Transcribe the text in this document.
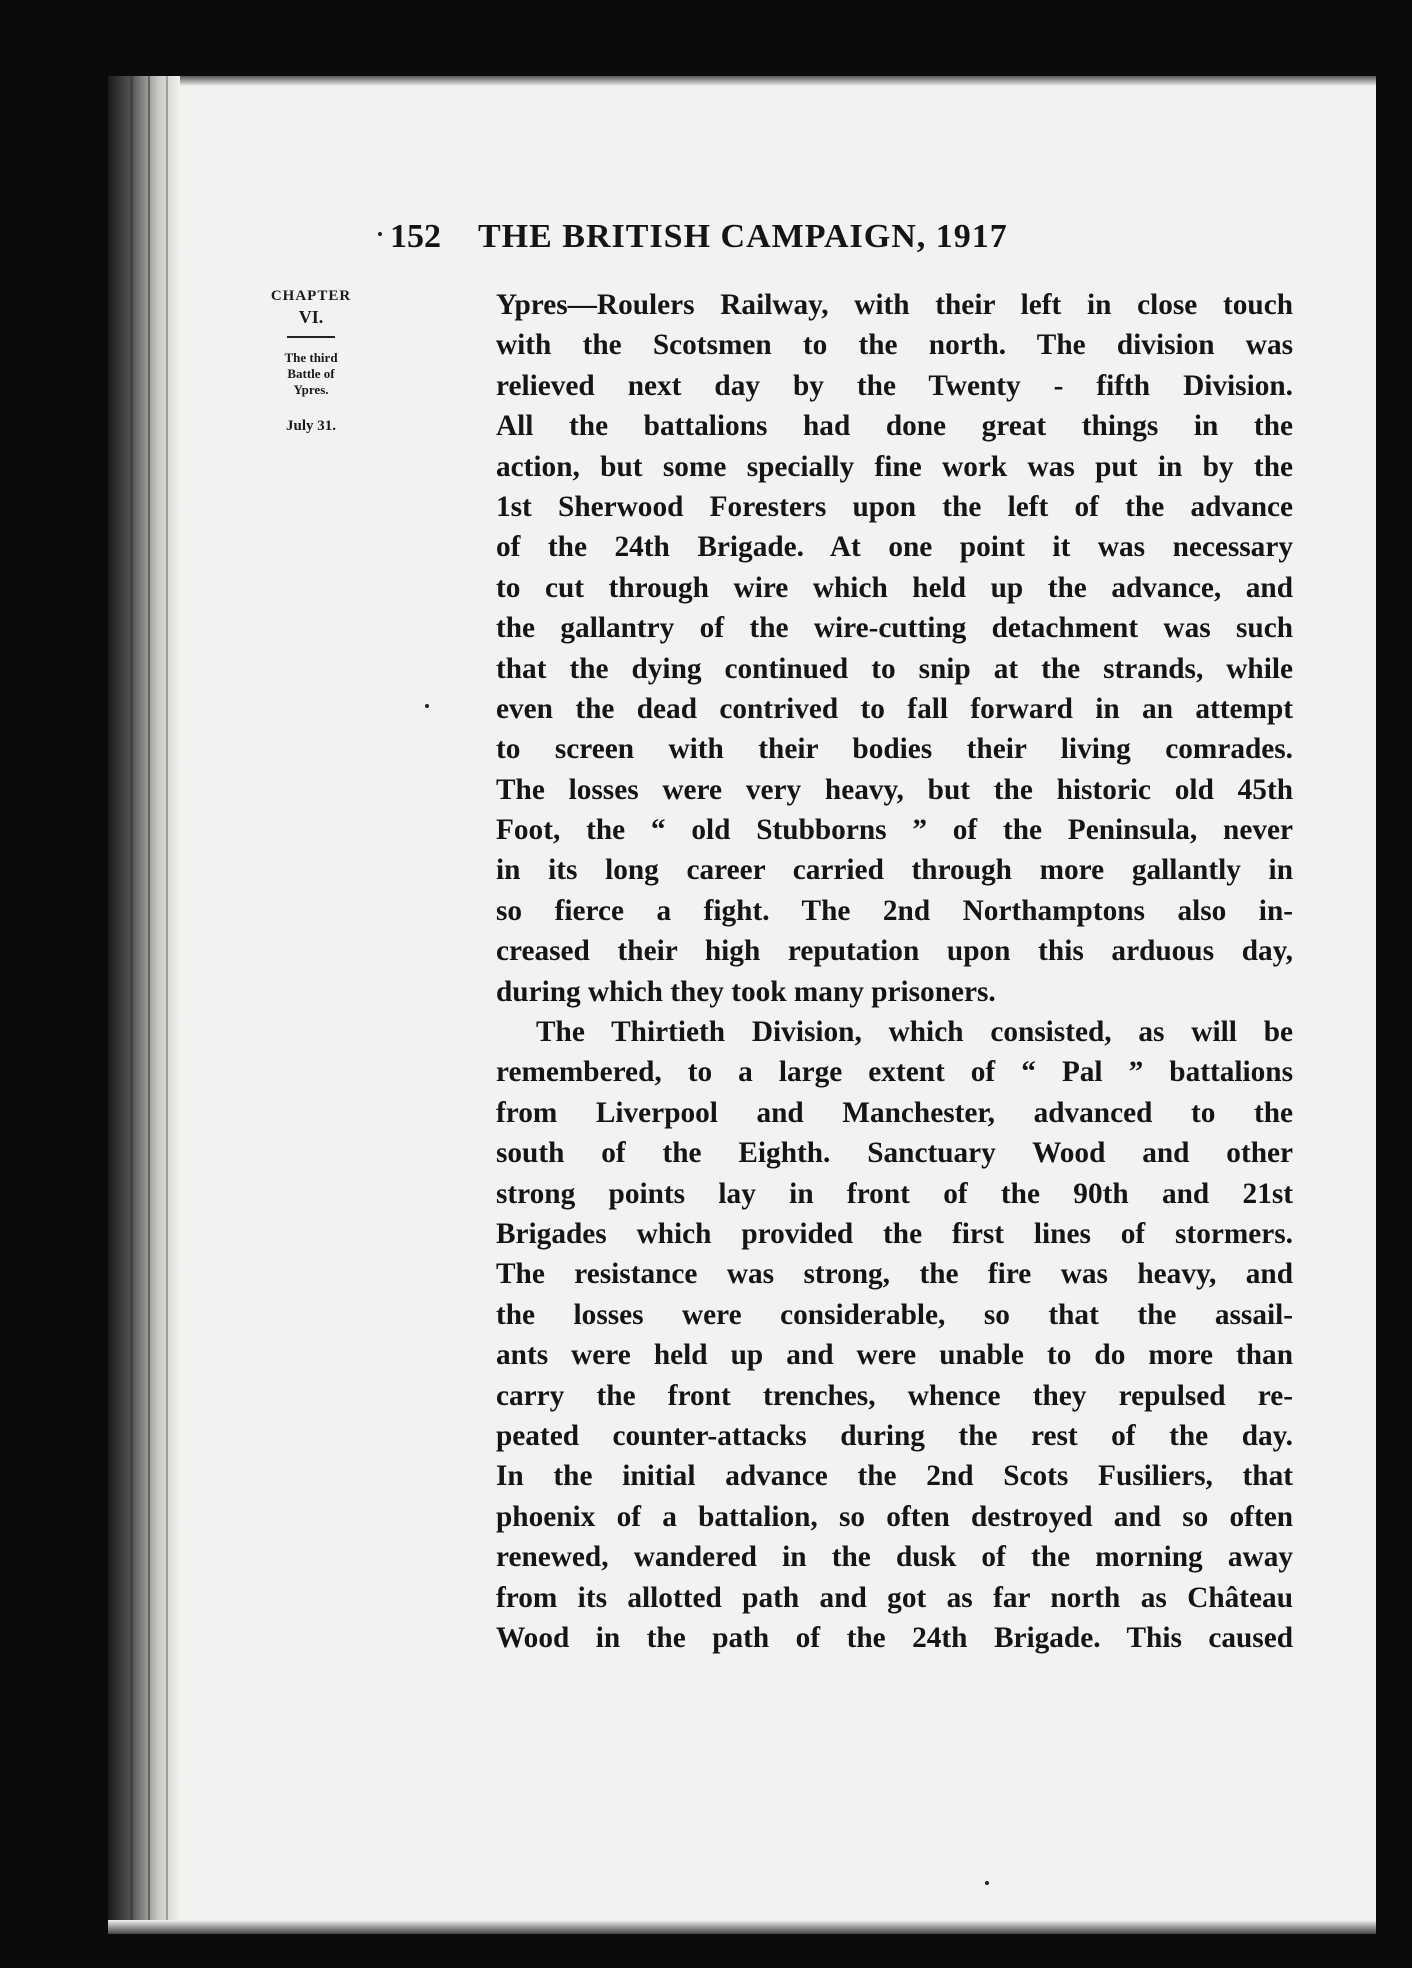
152 THE BRITISH CAMPAIGN, 1917
CHAPTER
VI.
The third
Battle of
Ypres.
July 31.
Ypres—Roulers Railway, with their left in close touch
with the Scotsmen to the north. The division was
relieved next day by the Twenty - fifth Division.
All the battalions had done great things in the
action, but some specially fine work was put in by the
1st Sherwood Foresters upon the left of the advance
of the 24th Brigade. At one point it was necessary
to cut through wire which held up the advance, and
the gallantry of the wire-cutting detachment was such
that the dying continued to snip at the strands, while
even the dead contrived to fall forward in an attempt
to screen with their bodies their living comrades.
The losses were very heavy, but the historic old 45th
Foot, the “ old Stubborns ” of the Peninsula, never
in its long career carried through more gallantly in
so fierce a fight. The 2nd Northamptons also in-
creased their high reputation upon this arduous day,
during which they took many prisoners.
The Thirtieth Division, which consisted, as will be
remembered, to a large extent of “ Pal ” battalions
from Liverpool and Manchester, advanced to the
south of the Eighth. Sanctuary Wood and other
strong points lay in front of the 90th and 21st
Brigades which provided the first lines of stormers.
The resistance was strong, the fire was heavy, and
the losses were considerable, so that the assail-
ants were held up and were unable to do more than
carry the front trenches, whence they repulsed re-
peated counter-attacks during the rest of the day.
In the initial advance the 2nd Scots Fusiliers, that
phoenix of a battalion, so often destroyed and so often
renewed, wandered in the dusk of the morning away
from its allotted path and got as far north as Château
Wood in the path of the 24th Brigade. This caused
